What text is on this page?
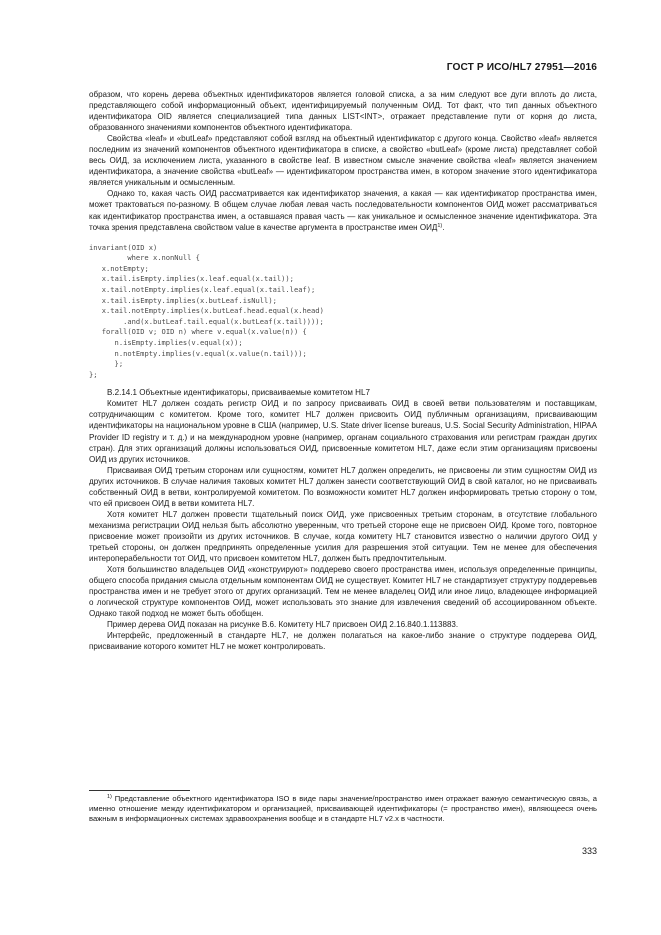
ГОСТ Р ИСО/HL7 27951—2016

образом, что корень дерева объектных идентификаторов является головой списка, а за ним следуют все дуги вплоть до листа, представляющего собой информационный объект, идентифицируемый полученным ОИД. Тот факт, что тип данных объектного идентификатора OID является специализацией типа данных LIST<INT>, отражает представление пути от корня до листа, образованного значениями компонентов объектного идентификатора.

Свойства «leaf» и «butLeaf» представляют собой взгляд на объектный идентификатор с другого конца. Свойство «leaf» является последним из значений компонентов объектного идентификатора в списке, а свойство «butLeaf» (кроме листа) представляет собой весь ОИД, за исключением листа, указанного в свойстве leaf. В известном смысле значение свойства «leaf» является значением идентификатора, а значение свойства «butLeaf» — идентификатором пространства имен, в котором значение этого идентификатора является уникальным и осмысленным.

Однако то, какая часть ОИД рассматривается как идентификатор значения, а какая — как идентификатор пространства имен, может трактоваться по-разному. В общем случае любая левая часть последовательности компонентов ОИД может рассматриваться как идентификатор пространства имен, а оставшаяся правая часть — как уникальное и осмысленное значение идентификатора. Эта точка зрения представлена свойством value в качестве аргумента в пространстве имен ОИД$^{1)}$.

invariant(OID x)
where x.nonNull {
x.notEmpty;
x.tail.isEmpty.implies(x.leaf.equal(x.tail));
x.tail.notEmpty.implies(x.leaf.equal(x.tail.leaf);
x.tail.isEmpty.implies(x.butLeaf.isNull);
x.tail.notEmpty.implies(x.butLeaf.head.equal(x.head)
.and(x.butLeaf.tail.equal(x.butLeaf(x.tail))));
forall(OID v; OID n) where v.equal(x.value(n)) {
n.isEmpty.implies(v.equal(x));
n.notEmpty.implies(v.equal(x.value(n.tail)));
};
};

B.2.14.1 Объектные идентификаторы, присваиваемые комитетом HL7

Комитет HL7 должен создать регистр ОИД и по запросу присваивать ОИД в своей ветви пользователям и поставщикам, сотрудничающим с комитетом. Кроме того, комитет HL7 должен присвоить ОИД публичным организациям, присваивающим идентификаторы на национальном уровне в США (например, U.S. State driver license bureaus, U.S. Social Security Administration, HIPAA Provider ID registry и т. д.) и на международном уровне (например, органам социального страхования или регистрам граждан других стран). Для этих организаций должны использоваться ОИД, присвоенные комитетом HL7, даже если этим организациям присвоены ОИД из других источников.

Присваивая ОИД третьим сторонам или сущностям, комитет HL7 должен определить, не присвоены ли этим сущностям ОИД из других источников. В случае наличия таковых комитет HL7 должен занести соответствующий ОИД в свой каталог, но не присваивать собственный ОИД в ветви, контролируемой комитетом. По возможности комитет HL7 должен информировать третью сторону о том, что ей присвоен ОИД в ветви комитета HL7.

Хотя комитет HL7 должен провести тщательный поиск ОИД, уже присвоенных третьим сторонам, в отсутствие глобального механизма регистрации ОИД нельзя быть абсолютно уверенным, что третьей стороне еще не присвоен ОИД. Кроме того, повторное присвоение может произойти из других источников. В случае, когда комитету HL7 становится известно о наличии другого ОИД у третьей стороны, он должен предпринять определенные усилия для разрешения этой ситуации. Тем не менее для обеспечения интероперабельности тот ОИД, что присвоен комитетом HL7, должен быть предпочтительным.

Хотя большинство владельцев ОИД «конструируют» поддерево своего пространства имен, используя определенные принципы, общего способа придания смысла отдельным компонентам ОИД не существует. Комитет HL7 не стандартизует структуру поддеревьев пространства имен и не требует этого от других организаций. Тем не менее владелец ОИД или иное лицо, владеющее информацией о логической структуре компонентов ОИД, может использовать это знание для извлечения сведений об ассоциированном объекте. Однако такой подход не может быть обобщен.

Пример дерева ОИД показан на рисунке B.6. Комитету HL7 присвоен ОИД 2.16.840.1.113883.

Интерфейс, предложенный в стандарте HL7, не должен полагаться на какое-либо знание о структуре поддерева ОИД, присваивание которого комитет HL7 не может контролировать.

$^{1)}$ Представление объектного идентификатора ISO в виде пары значение/пространство имен отражает важную семантическую связь, а именно отношение между идентификатором и организацией, присваивающей идентификаторы (= пространство имен), являющееся очень важным в информационных системах здравоохранения вообще и в стандарте HL7 v2.x в частности.
333
